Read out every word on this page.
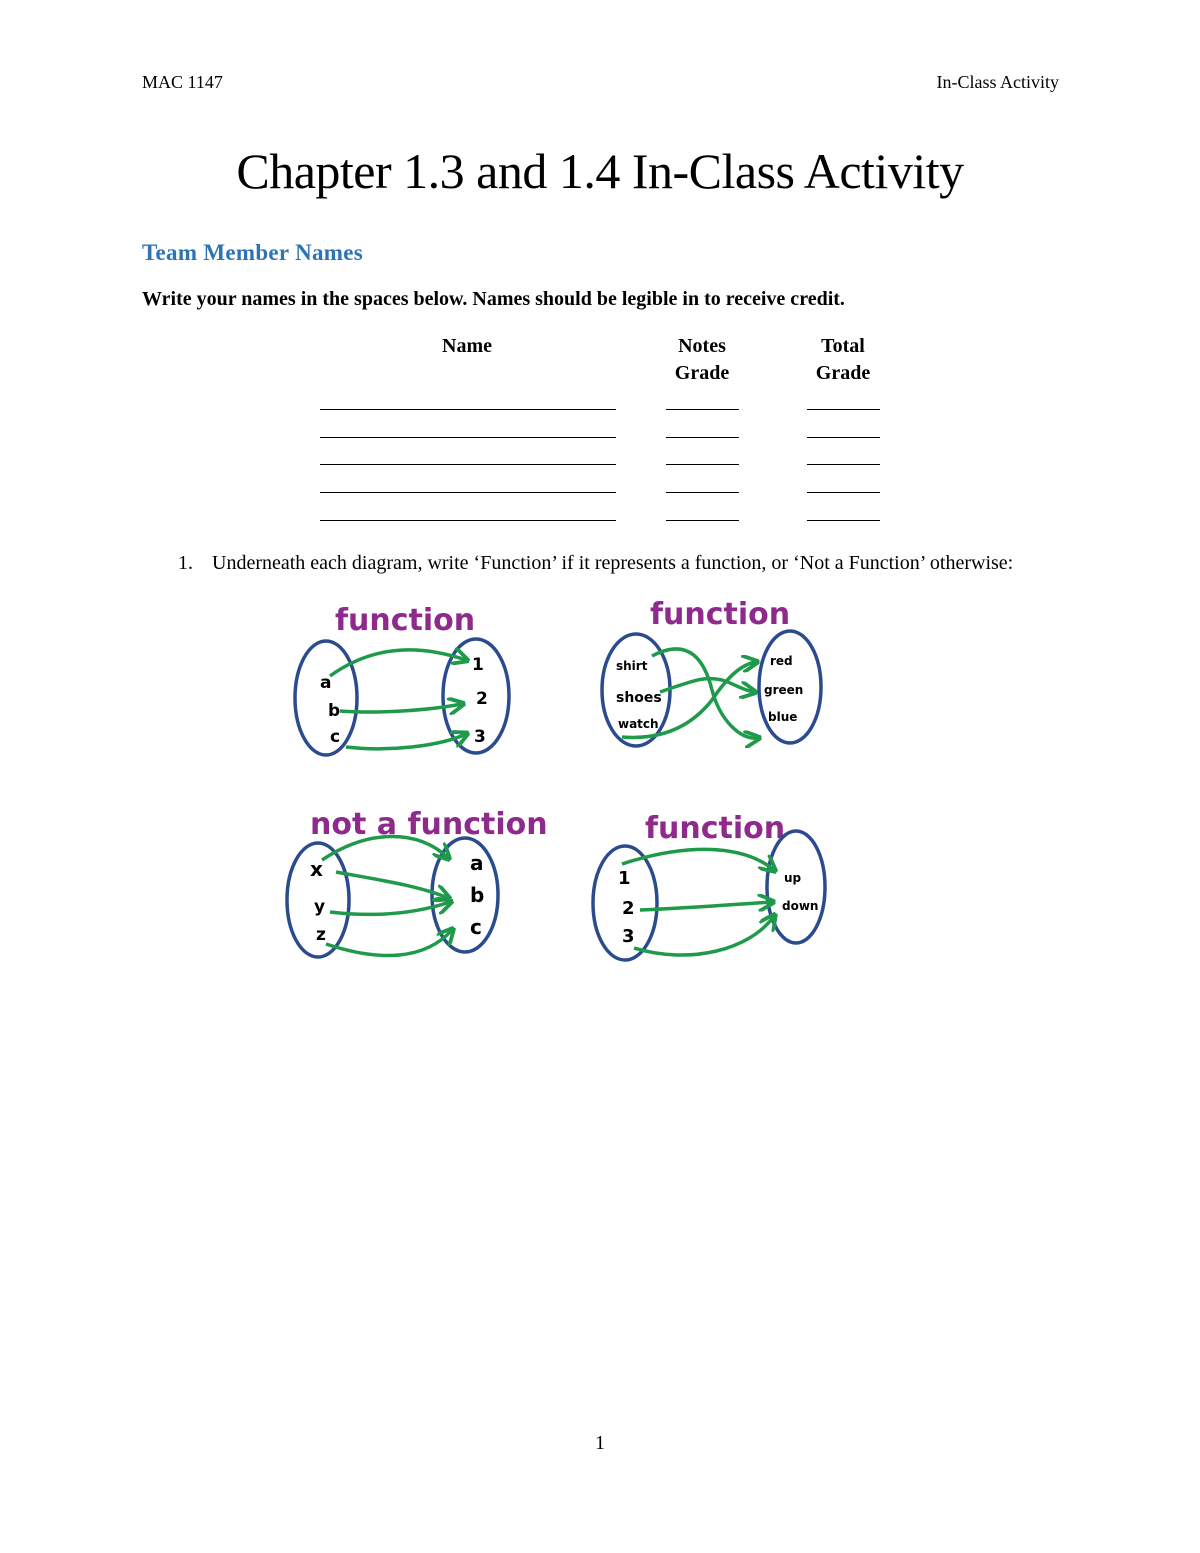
MAC 1147	In-Class Activity
Chapter 1.3 and 1.4 In-Class Activity
Team Member Names
Write your names in the spaces below. Names should be legible in to receive credit.
Name	Notes Grade
Total Grade
1. Underneath each diagram, write ‘Function’ if it represents a function, or ‘Not a Function’ otherwise:
function
a
b
c
1
2
3
function
shirt
shoes
watch
red
green
blue
not a function
x
y
z
a
b
c
function
1
2
3
up
down
1
